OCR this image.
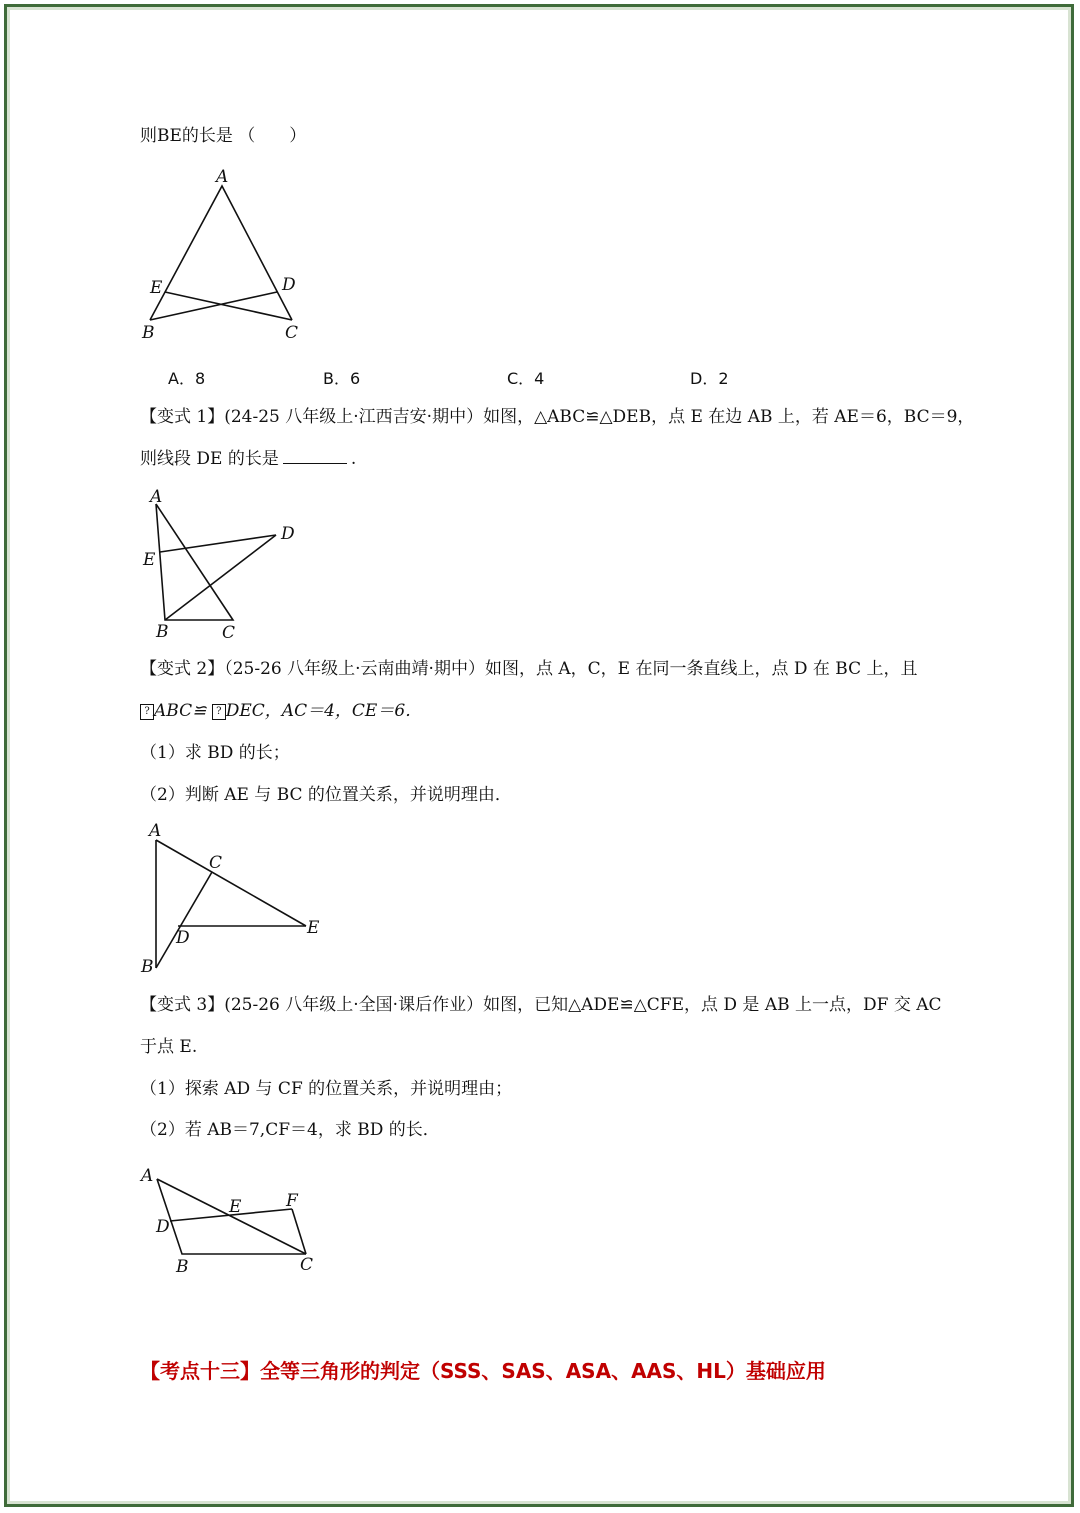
则BE的长是 （　　）
A．8	B．6	C．4	D．2
【变式 1】(24-25 八年级上·江西吉安·期中）如图，△ABC≌△DEB，点 E 在边 AB 上，若 AE＝6，BC＝9，
则线段 DE 的长是	.
【变式 2】（25-26 八年级上·云南曲靖·期中）如图，点 A，C，E 在同一条直线上，点 D 在 BC 上，且
? ABC≌ ? DEC，AC＝4，CE＝6．
（1）求 BD 的长；
（2）判断 AE 与 BC 的位置关系，并说明理由．
【变式 3】(25-26 八年级上·全国·课后作业）如图，已知△ADE≌△CFE，点 D 是 AB 上一点，DF 交 AC
于点 E.
（1）探索 AD 与 CF 的位置关系，并说明理由；
（2）若 AB＝7,CF＝4，求 BD 的长．
【考点十三】全等三角形的判定（SSS、SAS、ASA、AAS、HL）基础应用
A
E	D
B	C
A
D
E
B	C
A
C
E
D
B
A
E	F
D
B	C
